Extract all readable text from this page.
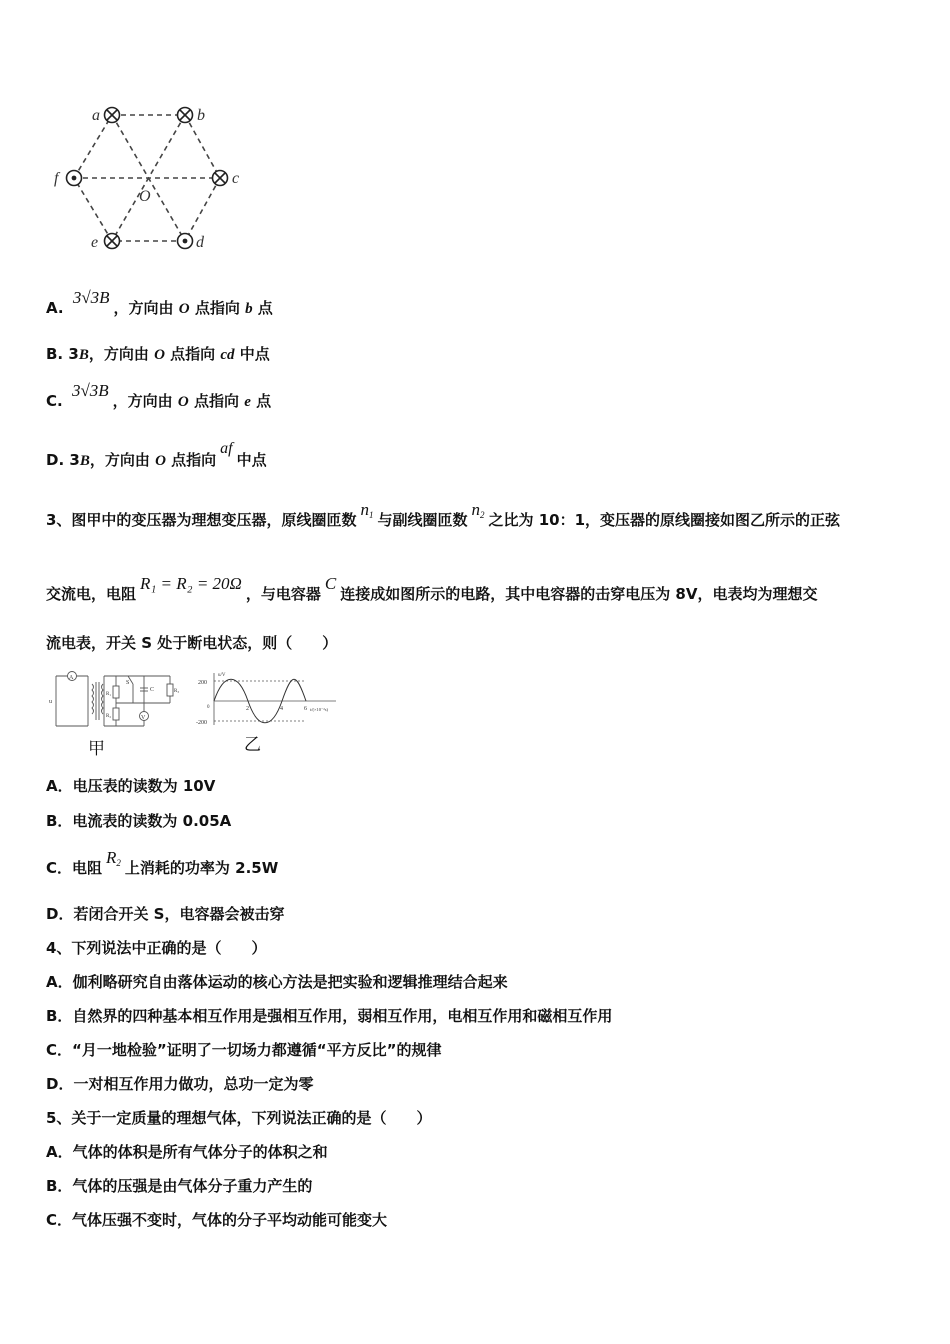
a	b
c
d
e
f
O
A. 3√3B，方向由 O 点指向 b 点
B. 3B，方向由 O 点指向 cd 中点
C. 3√3B，方向由 O 点指向 e 点
D. 3B，方向由 O 点指向af中点
3、图甲中的变压器为理想变压器，原线圈匝数n1 与副线圈匝数n2 之比为 10：1，变压器的原线圈接如图乙所示的正弦
交流电，电阻R₁ = R₂ = 20Ω，与电容器C连接成如图所示的电路，其中电容器的击穿电压为 8V，电表均为理想交
流电表，开关 S 处于断电状态，则（　　）
A
V
S
C
R₁
R₂
R₃
u
u/V
200
-200
0	2	4	6 t/(×10⁻²s)
甲	乙
A．电压表的读数为 10V
B．电流表的读数为 0.05A
C．电阻R2 上消耗的功率为 2.5W
D．若闭合开关 S，电容器会被击穿
4、下列说法中正确的是（　　）
A．伽利略研究自由落体运动的核心方法是把实验和逻辑推理结合起来
B．自然界的四种基本相互作用是强相互作用，弱相互作用，电相互作用和磁相互作用
C．“月一地检验”证明了一切场力都遵循“平方反比”的规律
D．一对相互作用力做功，总功一定为零
5、关于一定质量的理想气体，下列说法正确的是（　　）
A．气体的体积是所有气体分子的体积之和
B．气体的压强是由气体分子重力产生的
C．气体压强不变时，气体的分子平均动能可能变大
